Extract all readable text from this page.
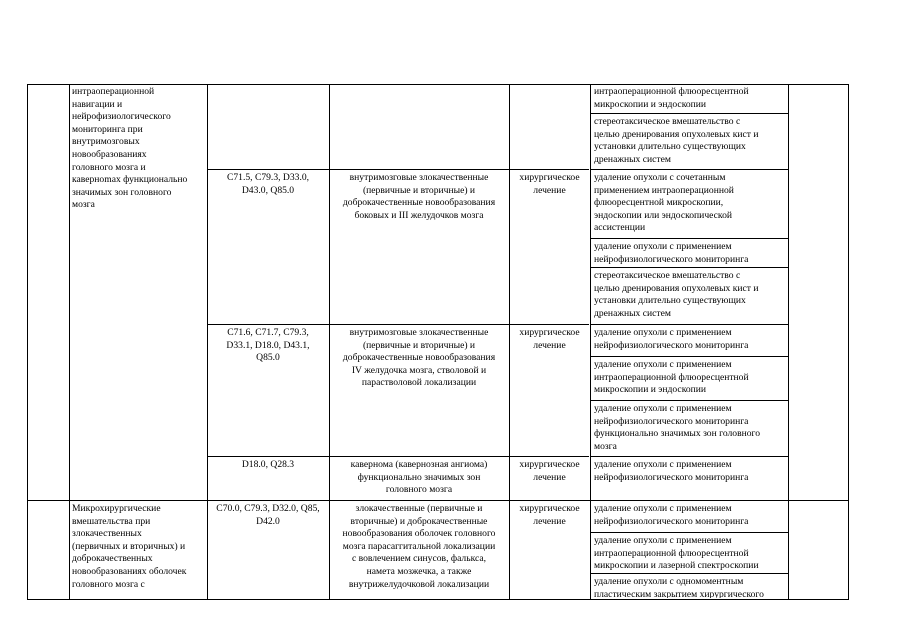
интраоперационной
навигации и
нейрофизиологического
мониторинга при
внутримозговых
новообразованиях
головного мозга и
кавернomах функционально
значимых зон головного
мозга
интраоперационной флюоресцентной
микроскопии и эндоскопии
стереотаксическое вмешательство с
целью дренирования опухолевых кист и
установки длительно существующих
дренажных систем
C71.5, C79.3, D33.0,
D43.0, Q85.0
внутримозговые злокачественные
(первичные и вторичные) и
доброкачественные новообразования
боковых и III желудочков мозга
хирургическое
лечение
удаление опухоли с сочетанным
применением интраоперационной
флюоресцентной микроскопии,
эндоскопии или эндоскопической
ассистенции
удаление опухоли с применением
нейрофизиологического мониторинга
стереотаксическое вмешательство с
целью дренирования опухолевых кист и
установки длительно существующих
дренажных систем
C71.6, C71.7, C79.3,
D33.1, D18.0, D43.1,
Q85.0
внутримозговые злокачественные
(первичные и вторичные) и
доброкачественные новообразования
IV желудочка мозга, стволовой и
парастволовой локализации
хирургическое
лечение
удаление опухоли с применением
нейрофизиологического мониторинга
удаление опухоли с применением
интраоперационной флюоресцентной
микроскопии и эндоскопии
удаление опухоли с применением
нейрофизиологического мониторинга
функционально значимых зон головного
мозга
D18.0, Q28.3	кавернома (кавернозная ангиома)
функционально значимых зон
головного мозга
хирургическое
лечение
удаление опухоли с применением
нейрофизиологического мониторинга
Микрохирургические
вмешательства при
злокачественных
(первичных и вторичных) и
доброкачественных
новообразованиях оболочек
головного мозга с
C70.0, C79.3, D32.0, Q85,
D42.0
злокачественные (первичные и
вторичные) и доброкачественные
новообразования оболочек головного
мозга парасаггитальной локализации
с вовлечением синусов, фалькса,
намета мозжечка, а также
внутрижелудочковой локализации
хирургическое
лечение
удаление опухоли с применением
нейрофизиологического мониторинга
удаление опухоли с применением
интраоперационной флюоресцентной
микроскопии и лазерной спектроскопии
удаление опухоли с одномоментным
пластическим закрытием хирургического
